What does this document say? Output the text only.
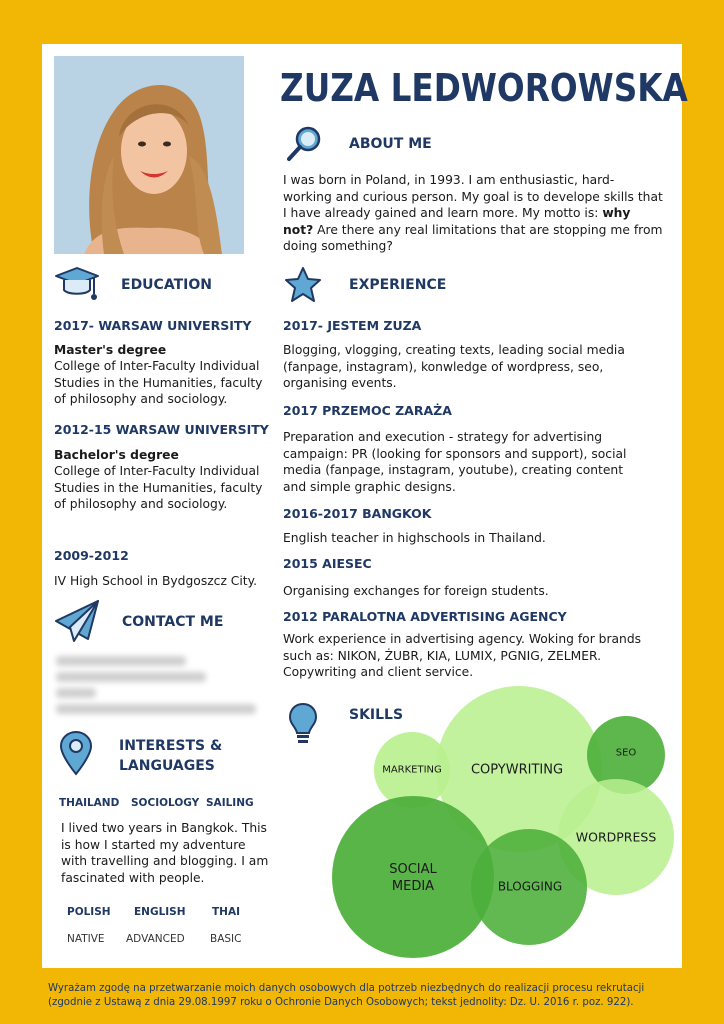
ZUZA LEDWOROWSKA
ABOUT ME
I was born in Poland, in 1993. I am enthusiastic, hard-working and curious person. My goal is to develope skills that I have already gained and learn more. My motto is: why not? Are there any real limitations that are stopping me from doing something?
EDUCATION
2017- WARSAW UNIVERSITY
Master's degree
College of Inter-Faculty Individual Studies in the Humanities, faculty of philosophy and sociology.
2012-15 WARSAW UNIVERSITY
Bachelor's degree
College of Inter-Faculty Individual Studies in the Humanities, faculty of philosophy and sociology.
2009-2012
IV High School in Bydgoszcz City.
CONTACT ME
INTERESTS &
LANGUAGES
THAILAND SOCIOLOGY SAILING
I lived two years in Bangkok. This is how I started my adventure with travelling and blogging. I am fascinated with people.
POLISH ENGLISH	THAI
NATIVE ADVANCED BASIC
EXPERIENCE
2017- JESTEM ZUZA
Blogging, vlogging, creating texts, leading social media (fanpage, instagram), konwledge of wordpress, seo, organising events.
2017 PRZEMOC ZARAŻA
Preparation and execution - strategy for advertising campaign: PR (looking for sponsors and support), social media (fanpage, instagram, youtube), creating content and simple graphic designs.
2016-2017 BANGKOK
English teacher in highschools in Thailand.
2015 AIESEC
Organising exchanges for foreign students.
2012 PARALOTNA ADVERTISING AGENCY
Work experience in advertising agency. Woking for brands such as: NIKON, ŻUBR, KIA, LUMIX, PGNIG, ZELMER. Copywriting and client service.
SKILLS
MARKETING COPYWRITING
SEO
WORDPRESS
SOCIAL
MEDIA	BLOGGING
Wyrażam zgodę na przetwarzanie moich danych osobowych dla potrzeb niezbędnych do realizacji procesu rekrutacji
(zgodnie z Ustawą z dnia 29.08.1997 roku o Ochronie Danych Osobowych; tekst jednolity: Dz. U. 2016 r. poz. 922).
